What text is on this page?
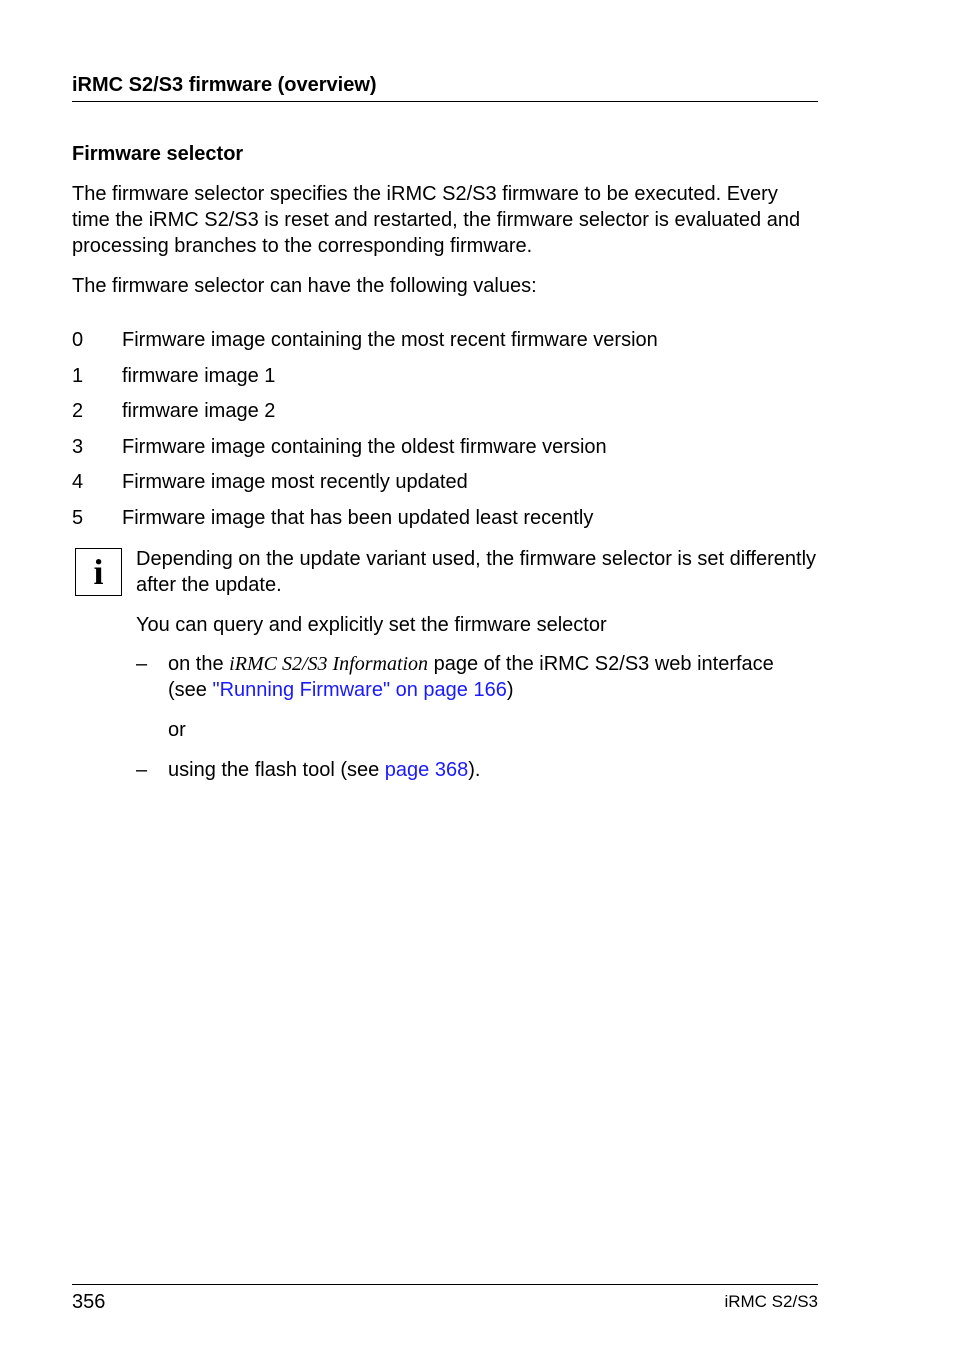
iRMC S2/S3 firmware (overview)
Firmware selector
The firmware selector specifies the iRMC S2/S3 firmware to be executed. Every time the iRMC S2/S3 is reset and restarted, the firmware selector is evaluated and processing branches to the corresponding firmware.
The firmware selector can have the following values:
0	Firmware image containing the most recent firmware version
1	firmware image 1
2	firmware image 2
3	Firmware image containing the oldest firmware version
4	Firmware image most recently updated
5	Firmware image that has been updated least recently
i Depending on the update variant used, the firmware selector is set differently after the update.
You can query and explicitly set the firmware selector
–	on the iRMC S2/S3 Information page of the iRMC S2/S3 web interface (see "Running Firmware" on page 166)
or
–	using the flash tool (see page 368).
356	iRMC S2/S3
